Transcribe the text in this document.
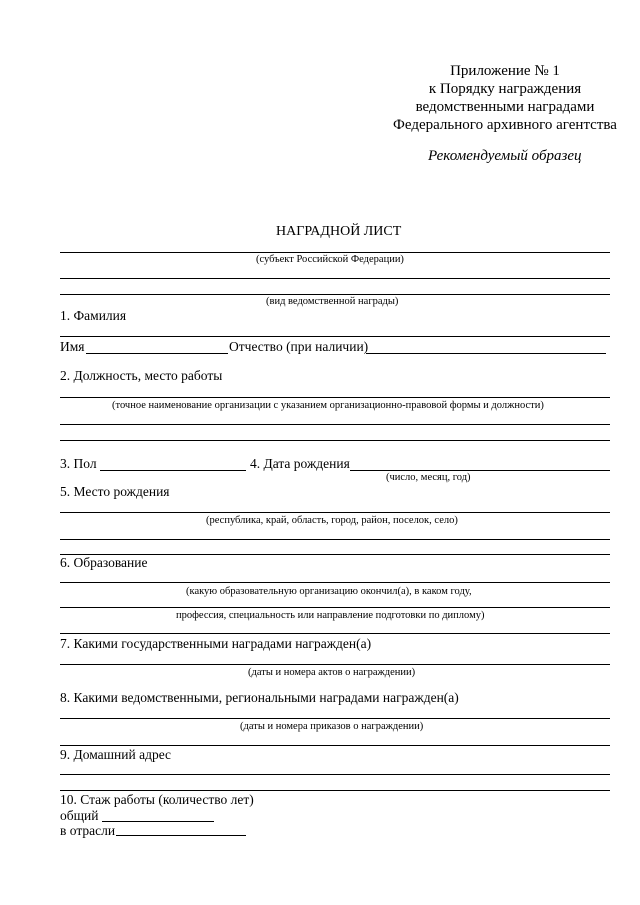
Приложение № 1
к Порядку награждения
ведомственными наградами
Федерального архивного агентства
Рекомендуемый образец
НАГРАДНОЙ ЛИСТ
(субъект Российской Федерации)
(вид ведомственной награды)
1. Фамилия
Имя	Отчество (при наличии)
2. Должность, место работы
(точное наименование организации с указанием организационно-правовой формы и должности)
3. Пол	4. Дата рождения
(число, месяц, год)
5. Место рождения
(республика, край, область, город, район, поселок, село)
6. Образование
(какую образовательную организацию окончил(а), в каком году,
профессия, специальность или направление подготовки по диплому)
7. Какими государственными наградами награжден(а)
(даты и номера актов о награждении)
8. Какими ведомственными, региональными наградами награжден(а)
(даты и номера приказов о награждении)
9. Домашний адрес
10. Стаж работы (количество лет)
общий
в отрасли
